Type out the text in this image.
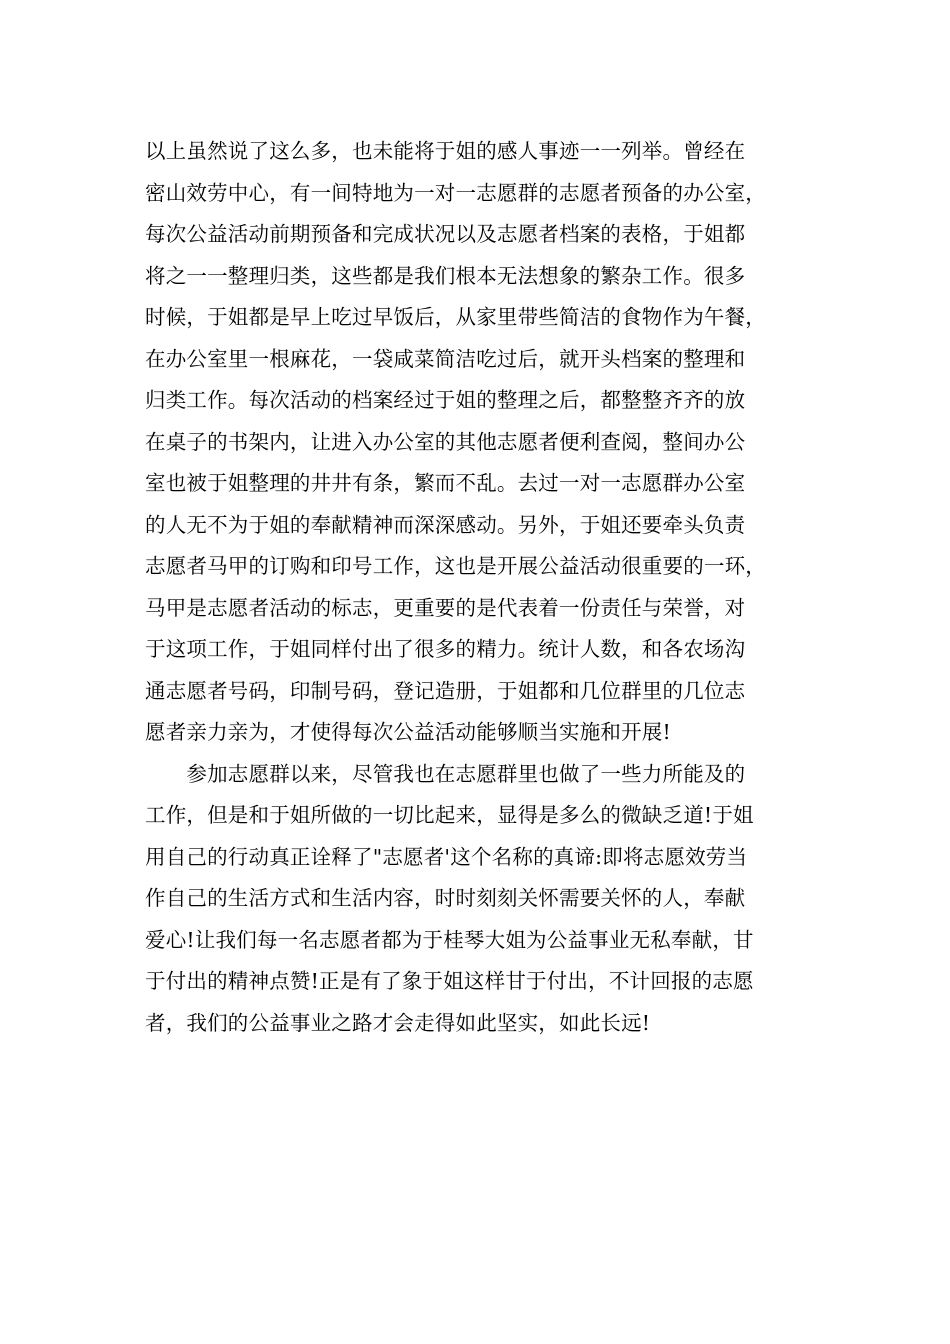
以上虽然说了这么多，也未能将于姐的感人事迹一一列举。曾经在
密山效劳中心，有一间特地为一对一志愿群的志愿者预备的办公室，
每次公益活动前期预备和完成状况以及志愿者档案的表格，于姐都
将之一一整理归类，这些都是我们根本无法想象的繁杂工作。很多
时候，于姐都是早上吃过早饭后，从家里带些简洁的食物作为午餐，
在办公室里一根麻花，一袋咸菜简洁吃过后，就开头档案的整理和
归类工作。每次活动的档案经过于姐的整理之后，都整整齐齐的放
在桌子的书架内，让进入办公室的其他志愿者便利查阅，整间办公
室也被于姐整理的井井有条，繁而不乱。去过一对一志愿群办公室
的人无不为于姐的奉献精神而深深感动。另外，于姐还要牵头负责
志愿者马甲的订购和印号工作，这也是开展公益活动很重要的一环，
马甲是志愿者活动的标志，更重要的是代表着一份责任与荣誉，对
于这项工作，于姐同样付出了很多的精力。统计人数，和各农场沟
通志愿者号码，印制号码，登记造册，于姐都和几位群里的几位志
愿者亲力亲为，才使得每次公益活动能够顺当实施和开展!
　　参加志愿群以来，尽管我也在志愿群里也做了一些力所能及的
工作，但是和于姐所做的一切比起来，显得是多么的微缺乏道!于姐
用自己的行动真正诠释了"志愿者'这个名称的真谛:即将志愿效劳当
作自己的生活方式和生活内容，时时刻刻关怀需要关怀的人，奉献
爱心!让我们每一名志愿者都为于桂琴大姐为公益事业无私奉献，甘
于付出的精神点赞!正是有了象于姐这样甘于付出，不计回报的志愿
者，我们的公益事业之路才会走得如此坚实，如此长远!
